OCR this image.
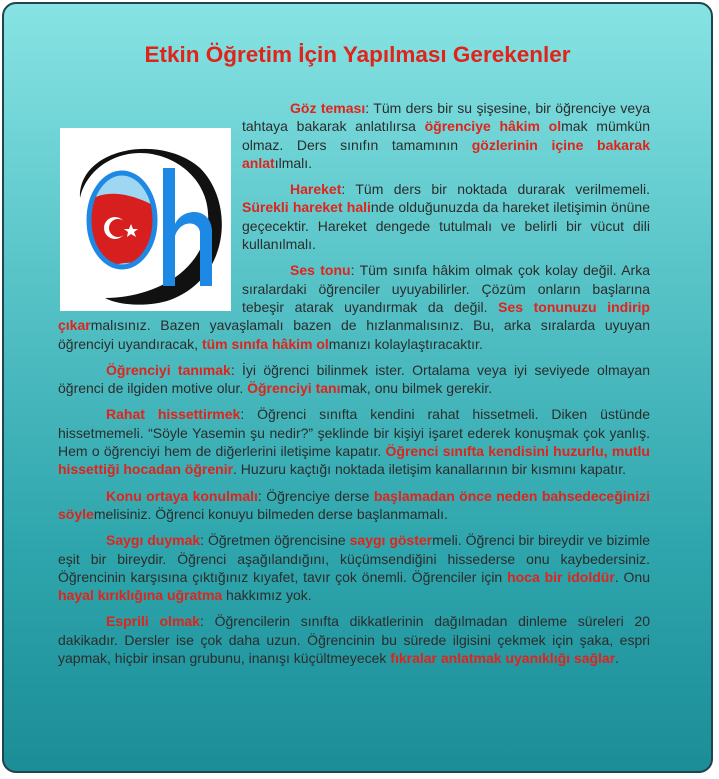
Etkin Öğretim İçin Yapılması Gerekenler

Göz teması: Tüm ders bir su şişesine, bir öğrenciye veya tahtaya bakarak anlatılırsa öğrenciye hâkim olmak mümkün olmaz. Ders sınıfın tamamının gözlerinin içine bakarak anlatılmalı.

Hareket: Tüm ders bir noktada durarak verilmemeli. Sürekli hareket halinde olduğunuzda da hareket iletişimin önüne geçecektir. Hareket dengede tutulmalı ve belirli bir vücut dili kullanılmalı.

Ses tonu: Tüm sınıfa hâkim olmak çok kolay değil. Arka sıralardaki öğrenciler uyuyabilirler. Çözüm onların başlarına tebeşir atarak uyandırmak da değil. Ses tonunuzu indirip çıkarmalısınız. Bazen yavaşlamalı bazen de hızlanmalısınız. Bu, arka sıralarda uyuyan öğrenciyi uyandıracak, tüm sınıfa hâkim olmanızı kolaylaştıracaktır.

Öğrenciyi tanımak: İyi öğrenci bilinmek ister. Ortalama veya iyi seviyede olmayan öğrenci de ilgiden motive olur. Öğrenciyi tanımak, onu bilmek gerekir.

Rahat hissettirmek: Öğrenci sınıfta kendini rahat hissetmeli. Diken üstünde hissetmemeli. “Söyle Yasemin şu nedir?” şeklinde bir kişiyi işaret ederek konuşmak çok yanlış. Hem o öğrenciyi hem de diğerlerini iletişime kapatır. Öğrenci sınıfta kendisini huzurlu, mutlu hissettiği hocadan öğrenir. Huzuru kaçtığı noktada iletişim kanallarının bir kısmını kapatır.

Konu ortaya konulmalı: Öğrenciye derse başlamadan önce neden bahsedeceğinizi söylemelisiniz. Öğrenci konuyu bilmeden derse başlanmamalı.

Saygı duymak: Öğretmen öğrencisine saygı göstermeli. Öğrenci bir bireydir ve bizimle eşit bir bireydir. Öğrenci aşağılandığını, küçümsendiğini hissederse onu kaybedersiniz. Öğrencinin karşısına çıktığınız kıyafet, tavır çok önemli. Öğrenciler için hoca bir idoldür. Onu hayal kırıklığına uğratma hakkımız yok.

Esprili olmak: Öğrencilerin sınıfta dikkatlerinin dağılmadan dinleme süreleri 20 dakikadır. Dersler ise çok daha uzun. Öğrencinin bu sürede ilgisini çekmek için şaka, espri yapmak, hiçbir insan grubunu, inanışı küçültmeyecek fıkralar anlatmak uyanıklığı sağlar.
